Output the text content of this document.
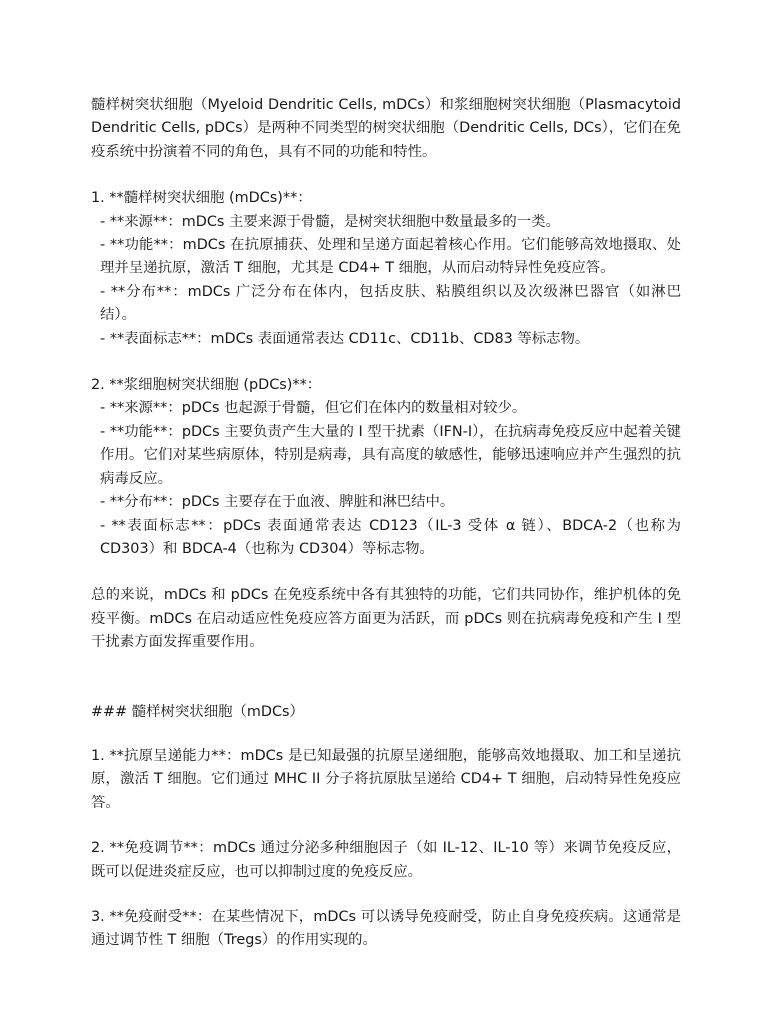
髓样树突状细胞（Myeloid Dendritic Cells, mDCs）和浆细胞树突状细胞（Plasmacytoid Dendritic Cells, pDCs）是两种不同类型的树突状细胞（Dendritic Cells, DCs），它们在免疫系统中扮演着不同的角色，具有不同的功能和特性。

1. **髓样树突状细胞 (mDCs)**：

- **来源**：mDCs 主要来源于骨髓，是树突状细胞中数量最多的一类。

- **功能**：mDCs 在抗原捕获、处理和呈递方面起着核心作用。它们能够高效地摄取、处理并呈递抗原，激活 T 细胞，尤其是 CD4+ T 细胞，从而启动特异性免疫应答。

- **分布**：mDCs 广泛分布在体内，包括皮肤、粘膜组织以及次级淋巴器官（如淋巴结）。

- **表面标志**：mDCs 表面通常表达 CD11c、CD11b、CD83 等标志物。

2. **浆细胞树突状细胞 (pDCs)**：

- **来源**：pDCs 也起源于骨髓，但它们在体内的数量相对较少。

- **功能**：pDCs 主要负责产生大量的 I 型干扰素（IFN-I），在抗病毒免疫反应中起着关键作用。它们对某些病原体，特别是病毒，具有高度的敏感性，能够迅速响应并产生强烈的抗病毒反应。

- **分布**：pDCs 主要存在于血液、脾脏和淋巴结中。

- **表面标志**：pDCs 表面通常表达 CD123（IL-3 受体 α 链）、BDCA-2（也称为 CD303）和 BDCA-4（也称为 CD304）等标志物。

总的来说，mDCs 和 pDCs 在免疫系统中各有其独特的功能，它们共同协作，维护机体的免疫平衡。mDCs 在启动适应性免疫应答方面更为活跃，而 pDCs 则在抗病毒免疫和产生 I 型干扰素方面发挥重要作用。

### 髓样树突状细胞（mDCs）

1. **抗原呈递能力**：mDCs 是已知最强的抗原呈递细胞，能够高效地摄取、加工和呈递抗原，激活 T 细胞。它们通过 MHC II 分子将抗原肽呈递给 CD4+ T 细胞，启动特异性免疫应答。

2. **免疫调节**：mDCs 通过分泌多种细胞因子（如 IL-12、IL-10 等）来调节免疫反应，既可以促进炎症反应，也可以抑制过度的免疫反应。

3. **免疫耐受**：在某些情况下，mDCs 可以诱导免疫耐受，防止自身免疫疾病。这通常是通过调节性 T 细胞（Tregs）的作用实现的。
